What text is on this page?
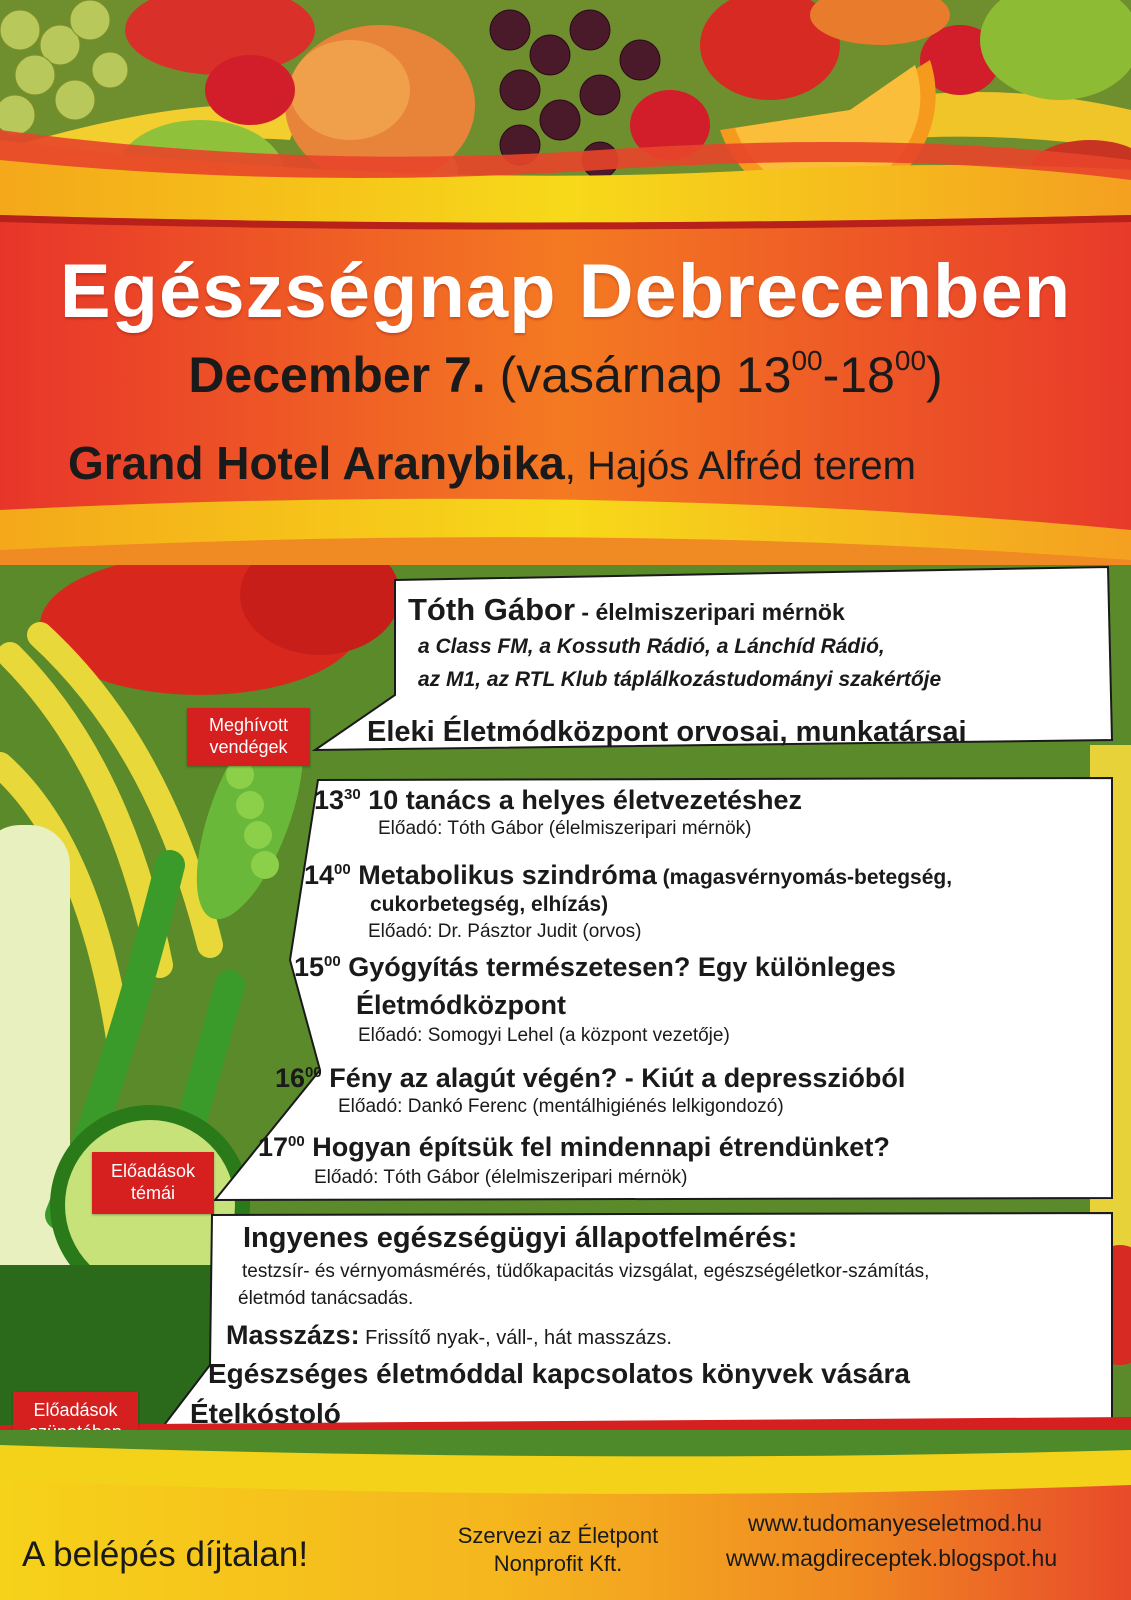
Egészségnap Debrecenben
December 7. (vasárnap $13^{00}-18^{00}$)
Grand Hotel Aranybika, Hajós Alfréd terem
Tóth Gábor - élelmiszeripari mérnök
a Class FM, a Kossuth Rádió, a Lánchíd Rádió,
az M1, az RTL Klub táplálkozástudományi szakértője
Eleki Életmódközpont orvosai, munkatársai
Meghívott
vendégek
$13^{30}$ 10 tanács a helyes életvezetéshez
Előadó: Tóth Gábor (élelmiszeripari mérnök)
$14^{00}$ Metabolikus szindróma (magasvérnyomás-betegség,
cukorbetegség, elhízás)
Előadó: Dr. Pásztor Judit (orvos)
$15^{00}$ Gyógyítás természetesen? Egy különleges
Életmódközpont
Előadó: Somogyi Lehel (a központ vezetője)
$16^{00}$ Fény az alagút végén? - Kiút a depresszióból
Előadó: Dankó Ferenc (mentálhigiénés lelkigondozó)
$17^{00}$ Hogyan építsük fel mindennapi étrendünket?
Előadó: Tóth Gábor (élelmiszeripari mérnök)
Előadások
témái
Ingyenes egészségügyi állapotfelmérés:
testzsír- és vérnyomásmérés, tüdőkapacitás vizsgálat, egészségéletkor-számítás,
életmód tanácsadás.
Masszázs: Frissítő nyak-, váll-, hát masszázs.
Egészséges életmóddal kapcsolatos könyvek vására
Ételkóstoló
Előadások
A belépés díjtalan!	Szervezi az Életpont
Nonprofit Kft.
www.tudomanyeseletmod.hu
www.magdireceptek.blogspot.hu
